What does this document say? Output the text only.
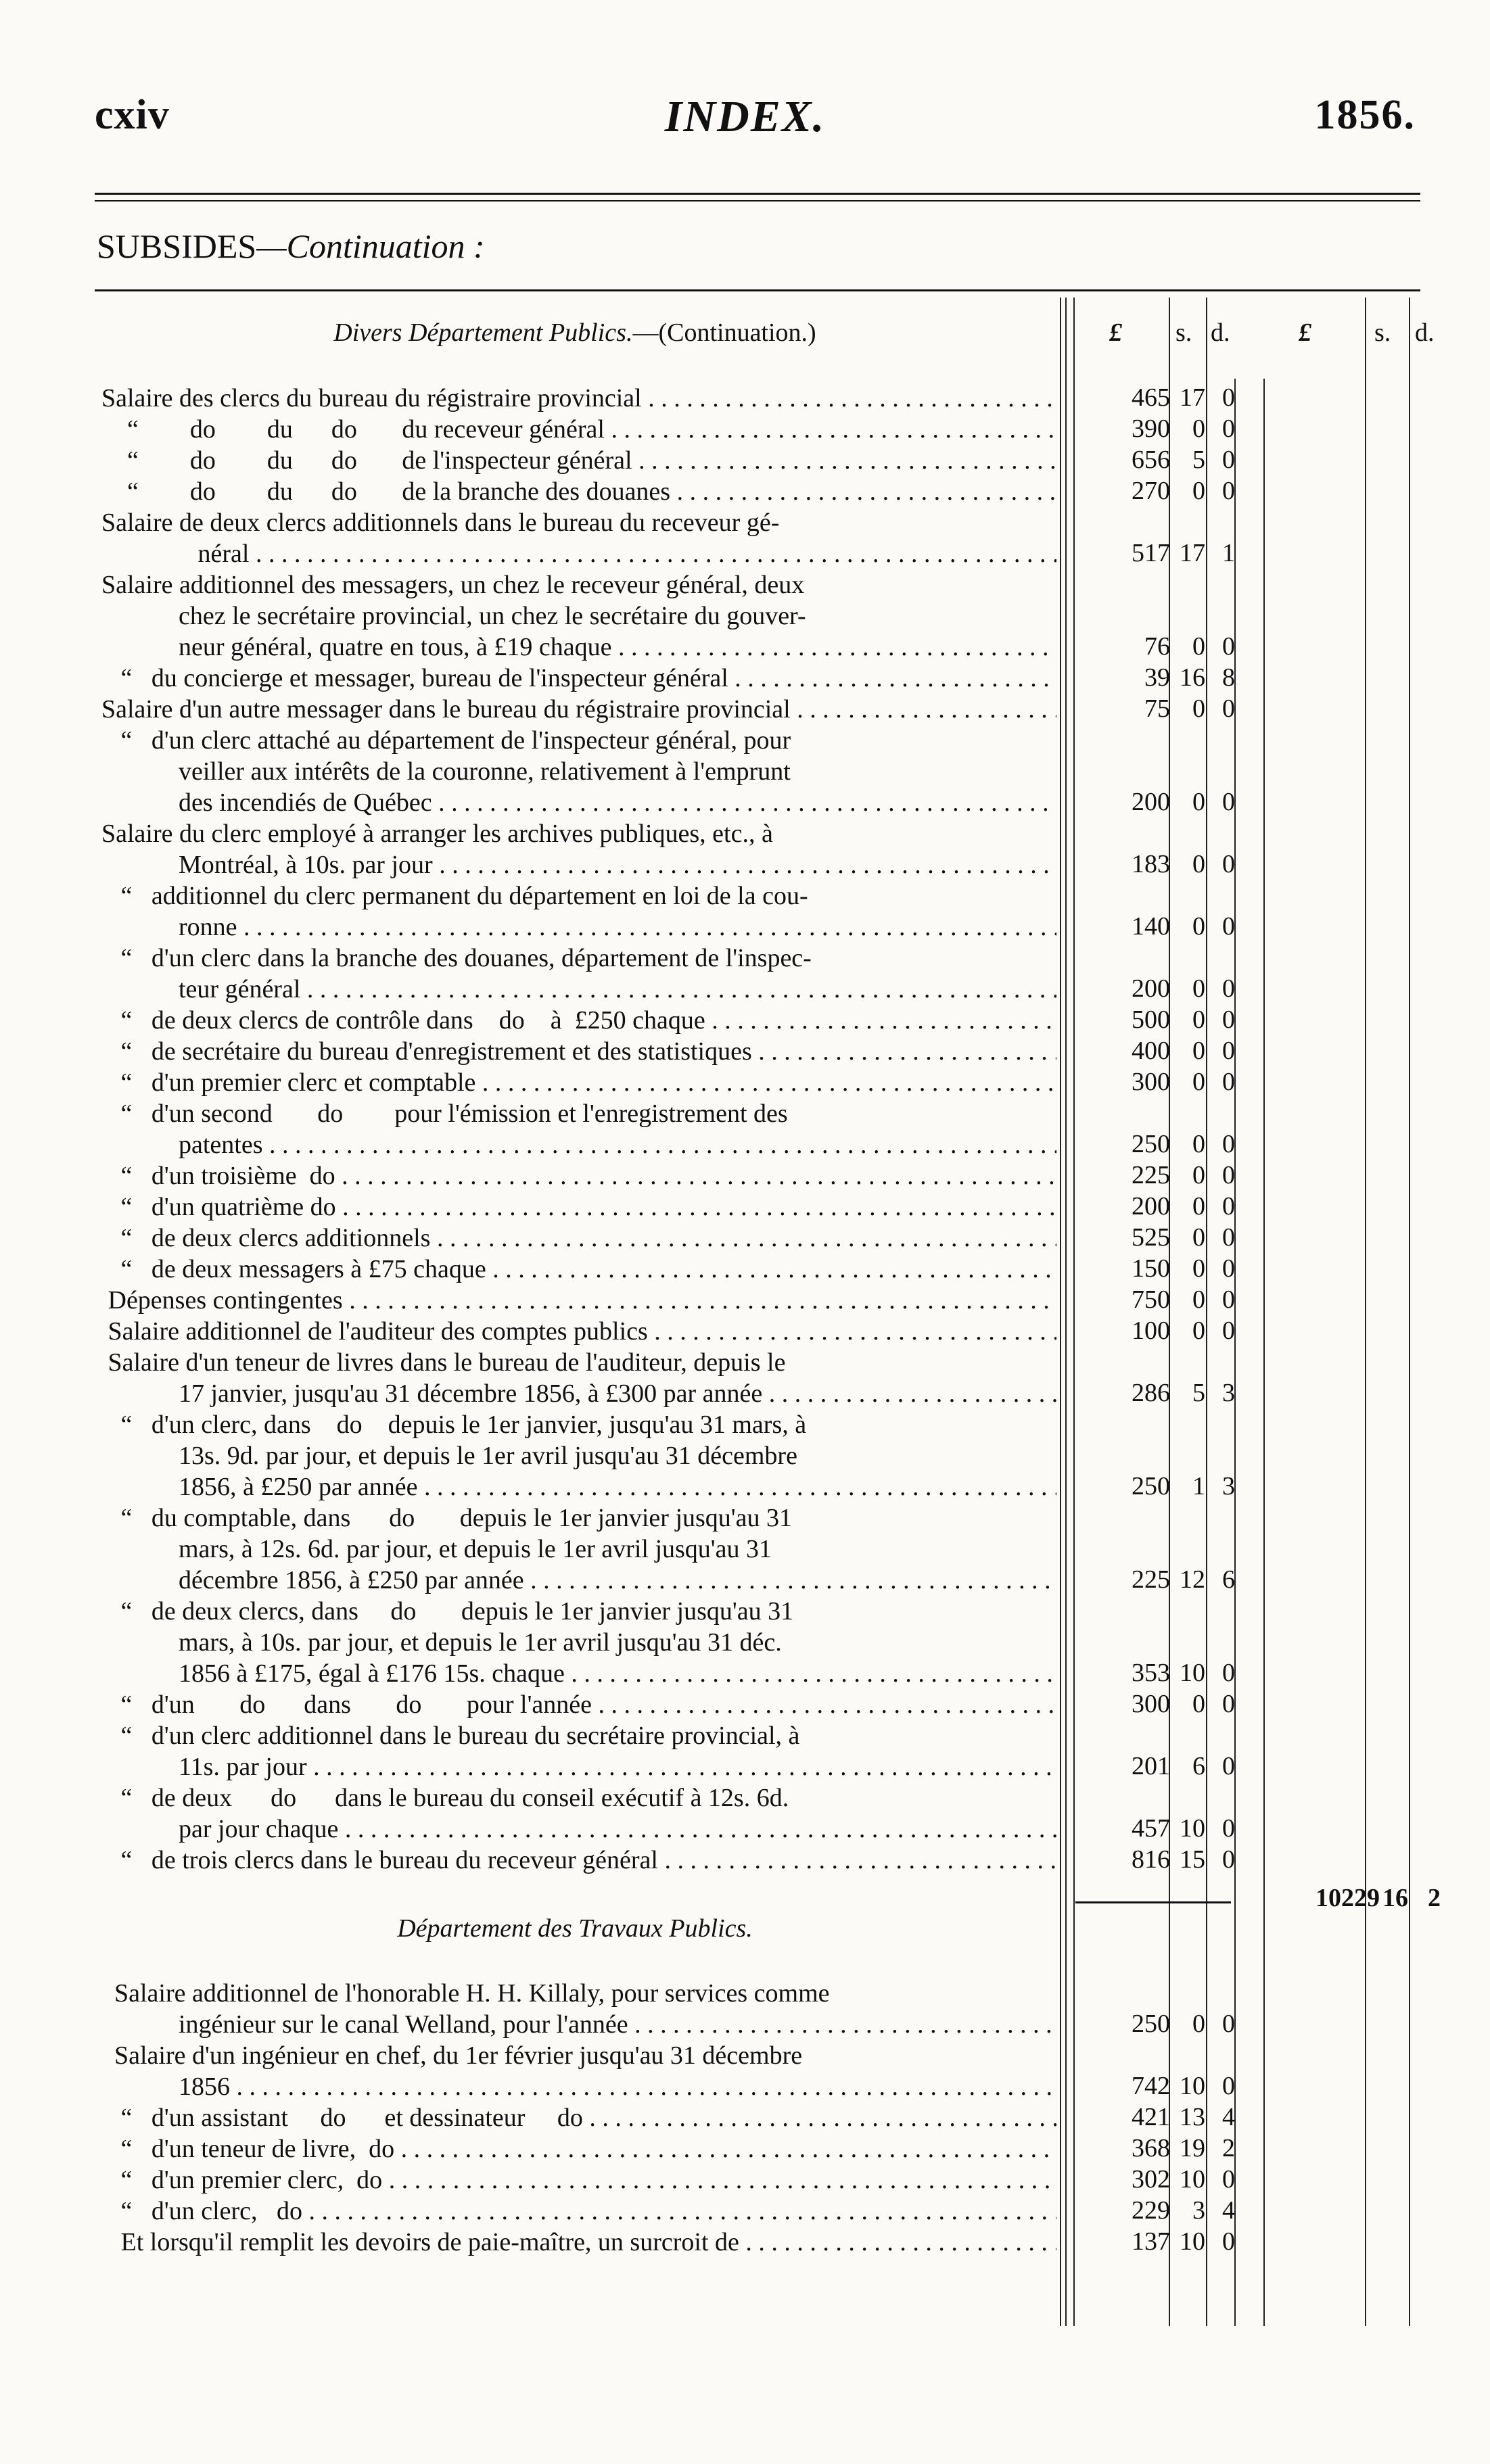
cxiv	INDEX.	1856.
SUBSIDES—Continuation :
Divers Département Publics.—(Continuation.)	£ s. d.	£ s. d.
Salaire des clercs du bureau du régistraire provincial . . .	465 17 0
“        do        du      do       du receveur général . . .	390 0 0
“        do        du      do       de l'inspecteur général . . .	656 5 0
“        do        du      do       de la branche des douanes . . .	270 0 0
Salaire de deux clercs additionnels dans le bureau du receveur gé-
néral . . .	517 17 1
Salaire additionnel des messagers, un chez le receveur général, deux
chez le secrétaire provincial, un chez le secrétaire du gouver-
neur général, quatre en tous, à £19 chaque . . .	76 0 0
“   du concierge et messager, bureau de l'inspecteur général . . .	39 16 8
Salaire d'un autre messager dans le bureau du régistraire provincial . . .	75 0 0
“   d'un clerc attaché au département de l'inspecteur général, pour
veiller aux intérêts de la couronne, relativement à l'emprunt
des incendiés de Québec . . .	200 0 0
Salaire du clerc employé à arranger les archives publiques, etc., à
Montréal, à 10s. par jour . . .	183 0 0
“   additionnel du clerc permanent du département en loi de la cou-
ronne . . .	140 0 0
“   d'un clerc dans la branche des douanes, département de l'inspec-
teur général . . .	200 0 0
“   de deux clercs de contrôle dans    do    à  £250 chaque . . .	500 0 0
“   de secrétaire du bureau d'enregistrement et des statistiques . . .	400 0 0
“   d'un premier clerc et comptable . . .	300 0 0
“   d'un second       do        pour l'émission et l'enregistrement des
patentes . . .	250 0 0
“   d'un troisième  do . . .	225 0 0
“   d'un quatrième do . . .	200 0 0
“   de deux clercs additionnels . . .	525 0 0
“   de deux messagers à £75 chaque . . .	150 0 0
Dépenses contingentes . . .	750 0 0
Salaire additionnel de l'auditeur des comptes publics . . .	100 0 0
Salaire d'un teneur de livres dans le bureau de l'auditeur, depuis le
17 janvier, jusqu'au 31 décembre 1856, à £300 par année . . .	286 5 3
“   d'un clerc, dans    do    depuis le 1er janvier, jusqu'au 31 mars, à
13s. 9d. par jour, et depuis le 1er avril jusqu'au 31 décembre
1856, à £250 par année . . .	250 1 3
“   du comptable, dans      do       depuis le 1er janvier jusqu'au 31
mars, à 12s. 6d. par jour, et depuis le 1er avril jusqu'au 31
décembre 1856, à £250 par année . . .	225 12 6
“   de deux clercs, dans     do       depuis le 1er janvier jusqu'au 31
mars, à 10s. par jour, et depuis le 1er avril jusqu'au 31 déc.
1856 à £175, égal à £176 15s. chaque . . .	353 10 0
“   d'un       do      dans       do       pour l'année . . .	300 0 0
“   d'un clerc additionnel dans le bureau du secrétaire provincial, à
11s. par jour . . .	201 6 0
“   de deux      do      dans le bureau du conseil exécutif à 12s. 6d.
par jour chaque . . .	457 10 0
“   de trois clercs dans le bureau du receveur général . . .	816 15 0
10229 16 2
Département des Travaux Publics.
Salaire additionnel de l'honorable H. H. Killaly, pour services comme
ingénieur sur le canal Welland, pour l'année . . .	250 0 0
Salaire d'un ingénieur en chef, du 1er février jusqu'au 31 décembre
1856 . . .	742 10 0
“   d'un assistant     do      et dessinateur     do . . .	421 13 4
“   d'un teneur de livre,  do . . .	368 19 2
“   d'un premier clerc,  do . . .	302 10 0
“   d'un clerc,   do . . .	229 3 4
Et lorsqu'il remplit les devoirs de paie-maître, un surcroit de . . .	137 10 0
